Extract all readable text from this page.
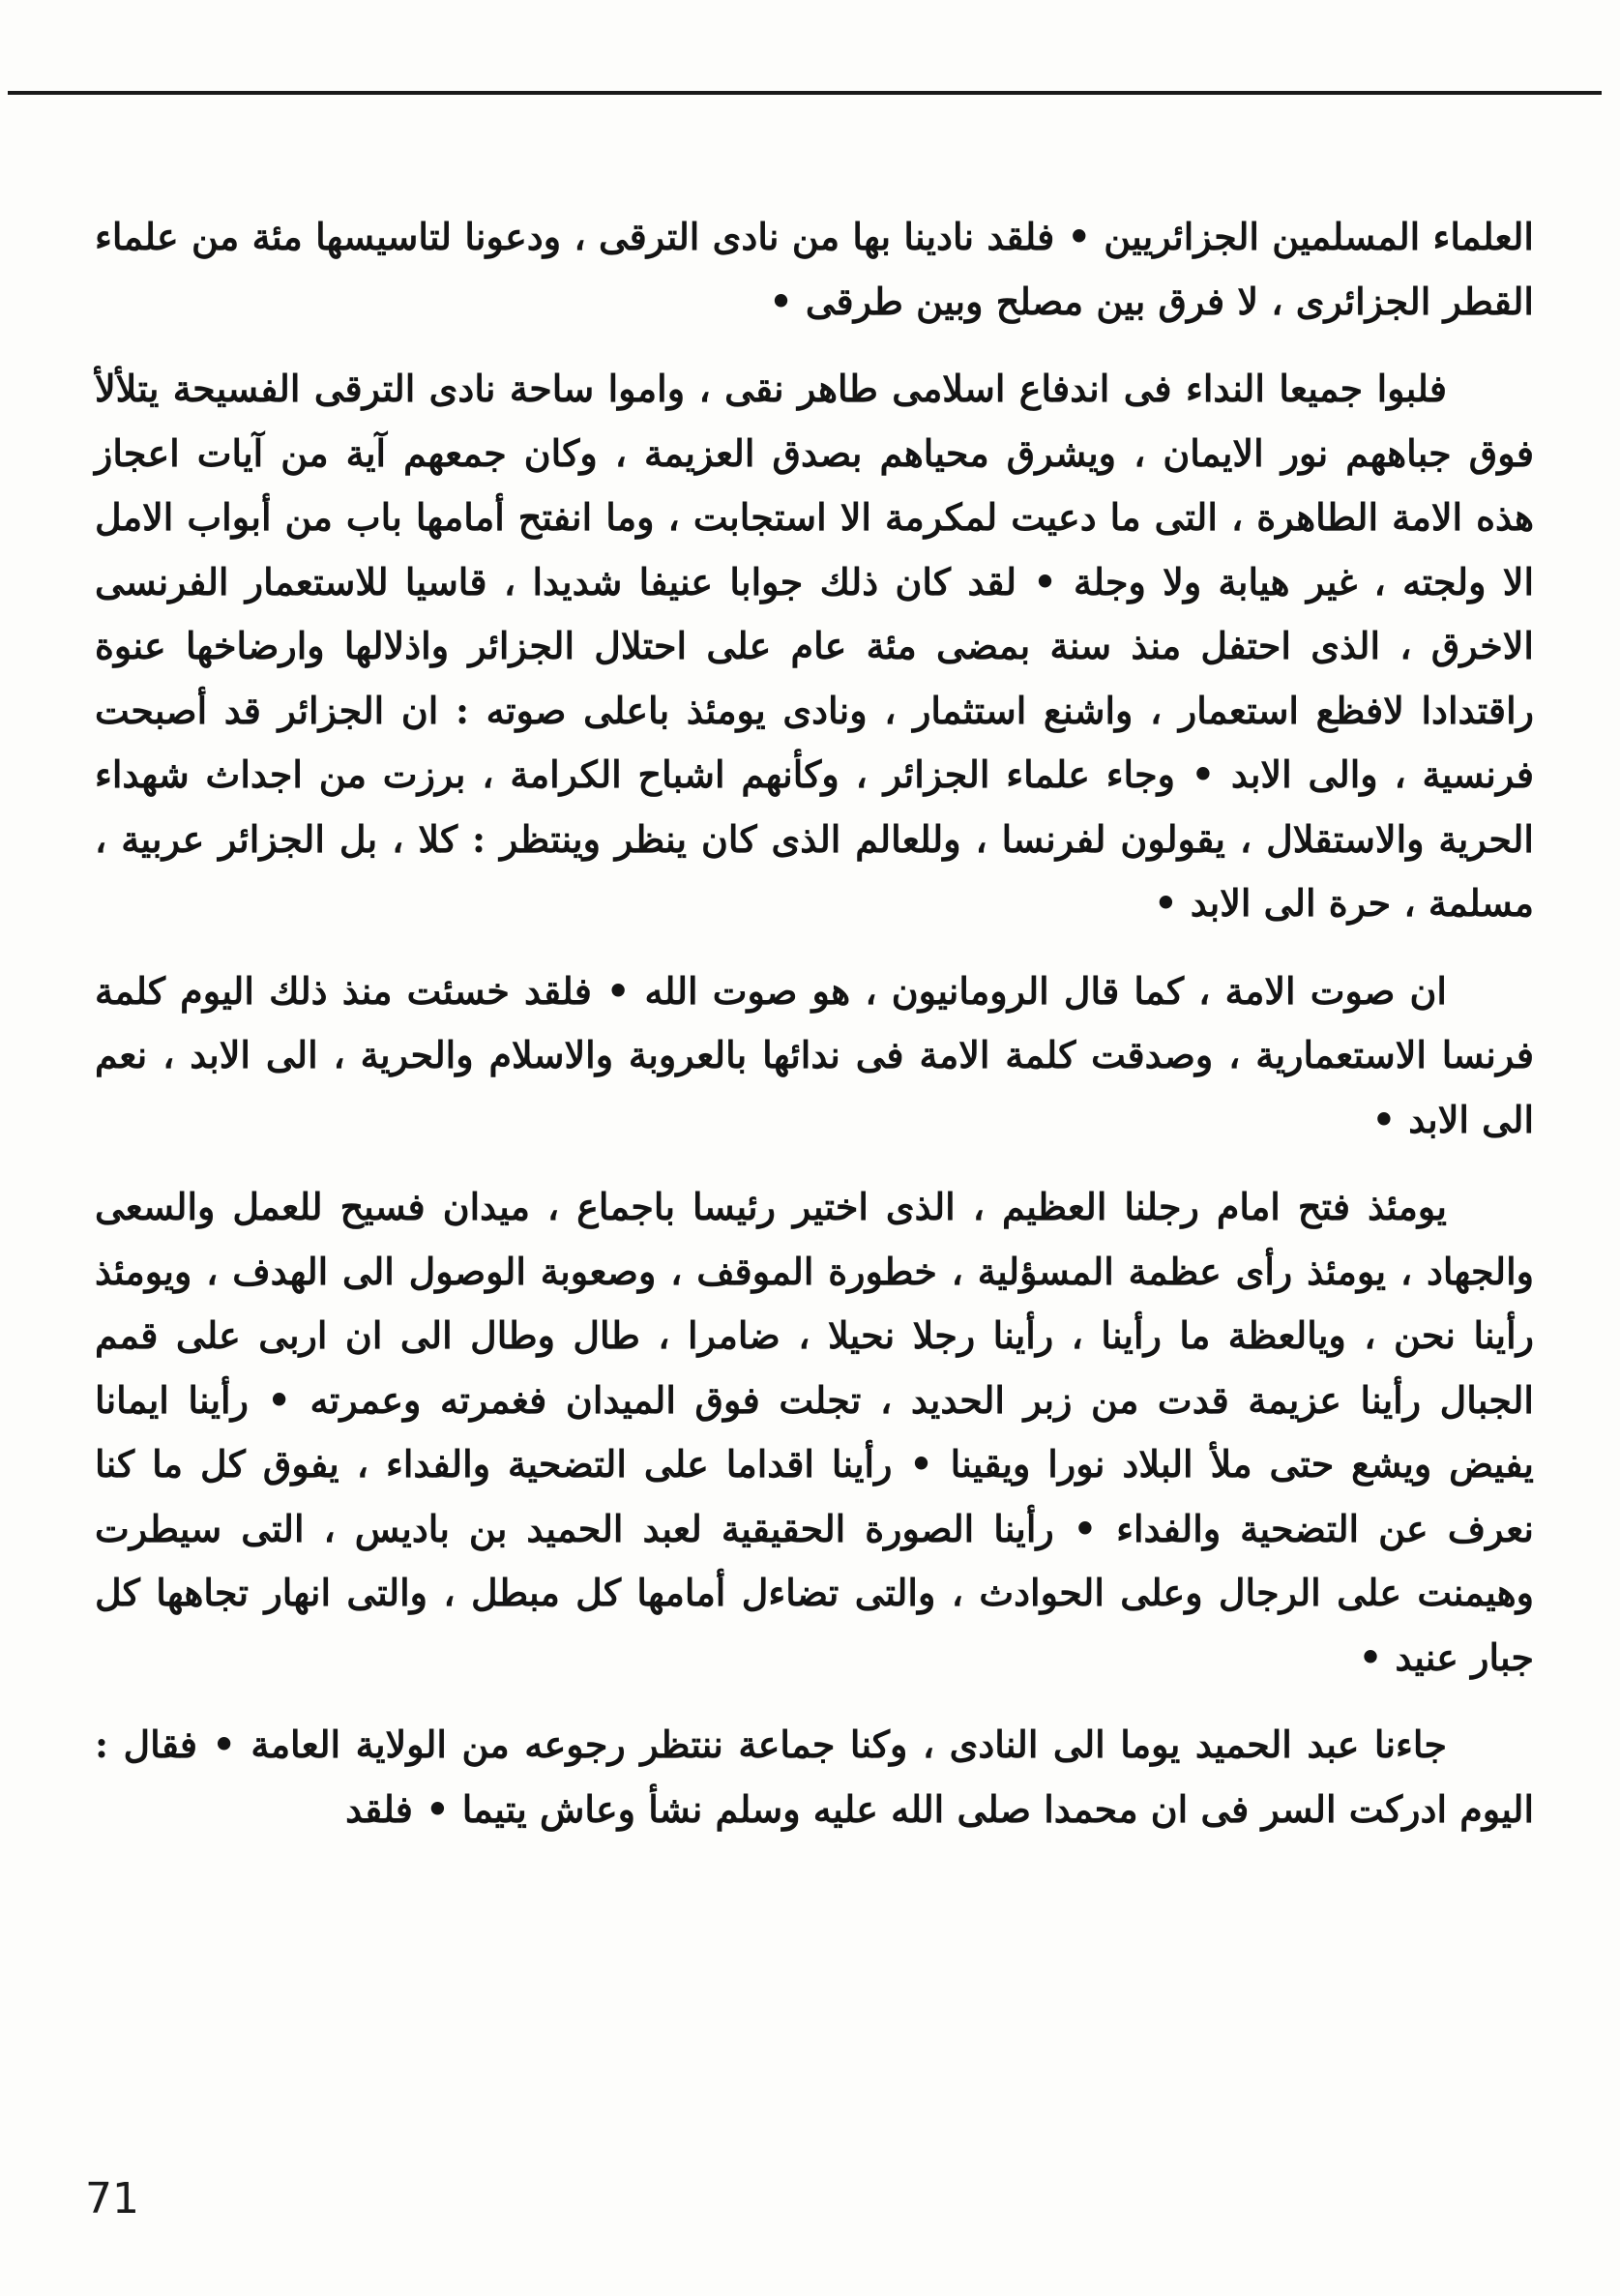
العلماء المسلمين الجزائريين • فلقد نادينا بها من نادى الترقى ، ودعونا لتاسيسها مئة من علماء القطر الجزائرى ، لا فرق بين مصلح وبين طرقى •

فلبوا جميعا النداء فى اندفاع اسلامى طاهر نقى ، واموا ساحة نادى الترقى الفسيحة يتلألأ فوق جباههم نور الايمان ، ويشرق محياهم بصدق العزيمة ، وكان جمعهم آية من آيات اعجاز هذه الامة الطاهرة ، التى ما دعيت لمكرمة الا استجابت ، وما انفتح أمامها باب من أبواب الامل الا ولجته ، غير هيابة ولا وجلة • لقد كان ذلك جوابا عنيفا شديدا ، قاسيا للاستعمار الفرنسى الاخرق ، الذى احتفل منذ سنة بمضى مئة عام على احتلال الجزائر واذلالها وارضاخها عنوة راقتدادا لافظع استعمار ، واشنع استثمار ، ونادى يومئذ باعلى صوته : ان الجزائر قد أصبحت فرنسية ، والى الابد • وجاء علماء الجزائر ، وكأنهم اشباح الكرامة ، برزت من اجداث شهداء الحرية والاستقلال ، يقولون لفرنسا ، وللعالم الذى كان ينظر وينتظر : كلا ، بل الجزائر عربية ، مسلمة ، حرة الى الابد •

ان صوت الامة ، كما قال الرومانيون ، هو صوت الله • فلقد خسئت منذ ذلك اليوم كلمة فرنسا الاستعمارية ، وصدقت كلمة الامة فى ندائها بالعروبة والاسلام والحرية ، الى الابد ، نعم الى الابد •

يومئذ فتح امام رجلنا العظيم ، الذى اختير رئيسا باجماع ، ميدان فسيح للعمل والسعى والجهاد ، يومئذ رأى عظمة المسؤلية ، خطورة الموقف ، وصعوبة الوصول الى الهدف ، ويومئذ رأينا نحن ، ويالعظة ما رأينا ، رأينا رجلا نحيلا ، ضامرا ، طال وطال الى ان اربى على قمم الجبال رأينا عزيمة قدت من زبر الحديد ، تجلت فوق الميدان فغمرته وعمرته • رأينا ايمانا يفيض ويشع حتى ملأ البلاد نورا ويقينا • رأينا اقداما على التضحية والفداء ، يفوق كل ما كنا نعرف عن التضحية والفداء • رأينا الصورة الحقيقية لعبد الحميد بن باديس ، التى سيطرت وهيمنت على الرجال وعلى الحوادث ، والتى تضاءل أمامها كل مبطل ، والتى انهار تجاهها كل جبار عنيد •

جاءنا عبد الحميد يوما الى النادى ، وكنا جماعة ننتظر رجوعه من الولاية العامة • فقال : اليوم ادركت السر فى ان محمدا صلى الله عليه وسلم نشأ وعاش يتيما • فلقد

71
